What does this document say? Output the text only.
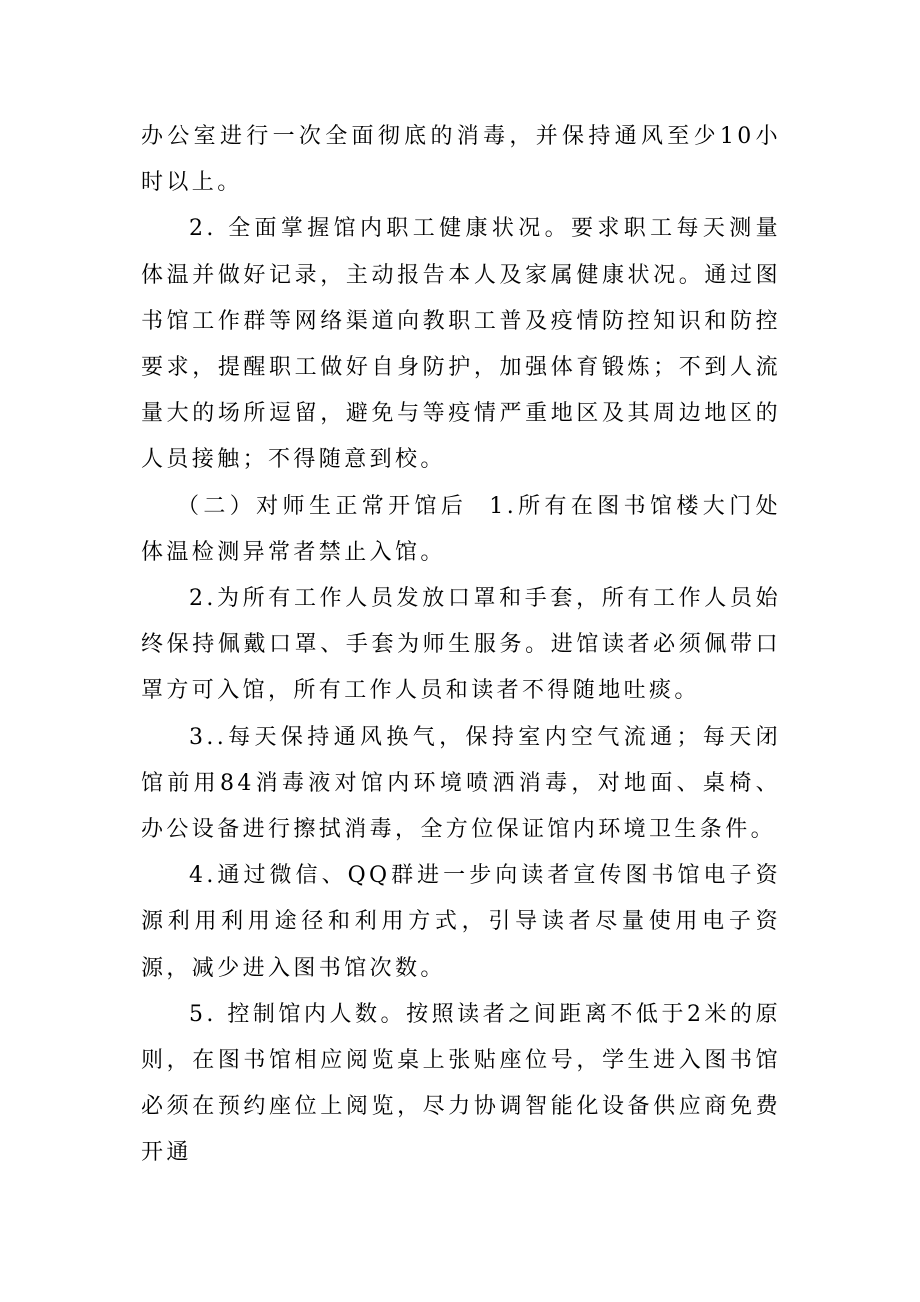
办公室进行一次全面彻底的消毒，并保持通风至少10小时以上。

2. 全面掌握馆内职工健康状况。要求职工每天测量体温并做好记录，主动报告本人及家属健康状况。通过图书馆工作群等网络渠道向教职工普及疫情防控知识和防控要求，提醒职工做好自身防护，加强体育锻炼；不到人流量大的场所逗留，避免与等疫情严重地区及其周边地区的人员接触；不得随意到校。

（二）对师生正常开馆后 1.所有在图书馆楼大门处体温检测异常者禁止入馆。

2.为所有工作人员发放口罩和手套，所有工作人员始终保持佩戴口罩、手套为师生服务。进馆读者必须佩带口罩方可入馆，所有工作人员和读者不得随地吐痰。

3..每天保持通风换气，保持室内空气流通；每天闭馆前用84消毒液对馆内环境喷洒消毒，对地面、桌椅、办公设备进行擦拭消毒，全方位保证馆内环境卫生条件。

4.通过微信、QQ群进一步向读者宣传图书馆电子资源利用利用途径和利用方式，引导读者尽量使用电子资源，减少进入图书馆次数。

5. 控制馆内人数。按照读者之间距离不低于2米的原则，在图书馆相应阅览桌上张贴座位号，学生进入图书馆必须在预约座位上阅览，尽力协调智能化设备供应商免费开通
